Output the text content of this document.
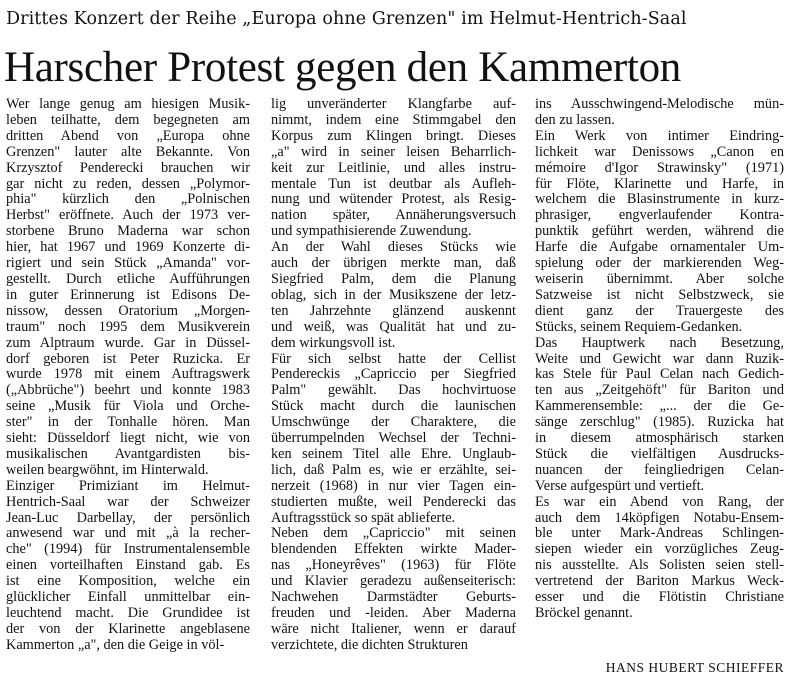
Drittes Konzert der Reihe „Europa ohne Grenzen" im Helmut-Hentrich-Saal
Harscher Protest gegen den Kammerton
Wer lange genug am hiesigen Musik-
leben teilhatte, dem begegneten am
dritten Abend von „Europa ohne
Grenzen" lauter alte Bekannte. Von
Krzysztof Penderecki brauchen wir
gar nicht zu reden, dessen „Polymor-
phia" kürzlich den „Polnischen
Herbst" eröffnete. Auch der 1973 ver-
storbene Bruno Maderna war schon
hier, hat 1967 und 1969 Konzerte di-
rigiert und sein Stück „Amanda" vor-
gestellt. Durch etliche Aufführungen
in guter Erinnerung ist Edisons De-
nissow, dessen Oratorium „Morgen-
traum" noch 1995 dem Musikverein
zum Alptraum wurde. Gar in Düssel-
dorf geboren ist Peter Ruzicka. Er
wurde 1978 mit einem Auftragswerk
(„Abbrüche") beehrt und konnte 1983
seine „Musik für Viola und Orche-
ster" in der Tonhalle hören. Man
sieht: Düsseldorf liegt nicht, wie von
musikalischen Avantgardisten bis-
weilen beargwöhnt, im Hinterwald.
Einziger Primiziant im Helmut-
Hentrich-Saal war der Schweizer
Jean-Luc Darbellay, der persönlich
anwesend war und mit „à la recher-
che" (1994) für Instrumentalensemble
einen vorteilhaften Einstand gab. Es
ist eine Komposition, welche ein
glücklicher Einfall unmittelbar ein-
leuchtend macht. Die Grundidee ist
der von der Klarinette angeblasene
Kammerton „a", den die Geige in völ-
lig unveränderter Klangfarbe auf-
nimmt, indem eine Stimmgabel den
Korpus zum Klingen bringt. Dieses
„a" wird in seiner leisen Beharrlich-
keit zur Leitlinie, und alles instru-
mentale Tun ist deutbar als Aufleh-
nung und wütender Protest, als Resig-
nation später, Annäherungsversuch
und sympathisierende Zuwendung.
An der Wahl dieses Stücks wie
auch der übrigen merkte man, daß
Siegfried Palm, dem die Planung
oblag, sich in der Musikszene der letz-
ten Jahrzehnte glänzend auskennt
und weiß, was Qualität hat und zu-
dem wirkungsvoll ist.
Für sich selbst hatte der Cellist
Pendereckis „Capriccio per Siegfried
Palm" gewählt. Das hochvirtuose
Stück macht durch die launischen
Umschwünge der Charaktere, die
überrumpelnden Wechsel der Techni-
ken seinem Titel alle Ehre. Unglaub-
lich, daß Palm es, wie er erzählte, sei-
nerzeit (1968) in nur vier Tagen ein-
studierten mußte, weil Penderecki das
Auftragsstück so spät ablieferte.
Neben dem „Capriccio" mit seinen
blendenden Effekten wirkte Mader-
nas „Honeyrêves" (1963) für Flöte
und Klavier geradezu außenseiterisch:
Nachwehen Darmstädter Geburts-
freuden und -leiden. Aber Maderna
wäre nicht Italiener, wenn er darauf
verzichtete, die dichten Strukturen
ins Ausschwingend-Melodische mün-
den zu lassen.
Ein Werk von intimer Eindring-
lichkeit war Denissows „Canon en
mémoire d'Igor Strawinsky" (1971)
für Flöte, Klarinette und Harfe, in
welchem die Blasinstrumente in kurz-
phrasiger, engverlaufender Kontra-
punktik geführt werden, während die
Harfe die Aufgabe ornamentaler Um-
spielung oder der markierenden Weg-
weiserin übernimmt. Aber solche
Satzweise ist nicht Selbstzweck, sie
dient ganz der Trauergeste des
Stücks, seinem Requiem-Gedanken.
Das Hauptwerk nach Besetzung,
Weite und Gewicht war dann Ruzik-
kas Stele für Paul Celan nach Gedich-
ten aus „Zeitgehöft" für Bariton und
Kammerensemble: „... der die Ge-
sänge zerschlug" (1985). Ruzicka hat
in diesem atmosphärisch starken
Stück die vielfältigen Ausdrucks-
nuancen der feingliedrigen Celan-
Verse aufgespürt und vertieft.
Es war ein Abend von Rang, der
auch dem 14köpfigen Notabu-Ensem-
ble unter Mark-Andreas Schlingen-
siepen wieder ein vorzügliches Zeug-
nis ausstellte. Als Solisten seien stell-
vertretend der Bariton Markus Weck-
esser und die Flötistin Christiane
Bröckel genannt.
HANS HUBERT SCHIEFFER
